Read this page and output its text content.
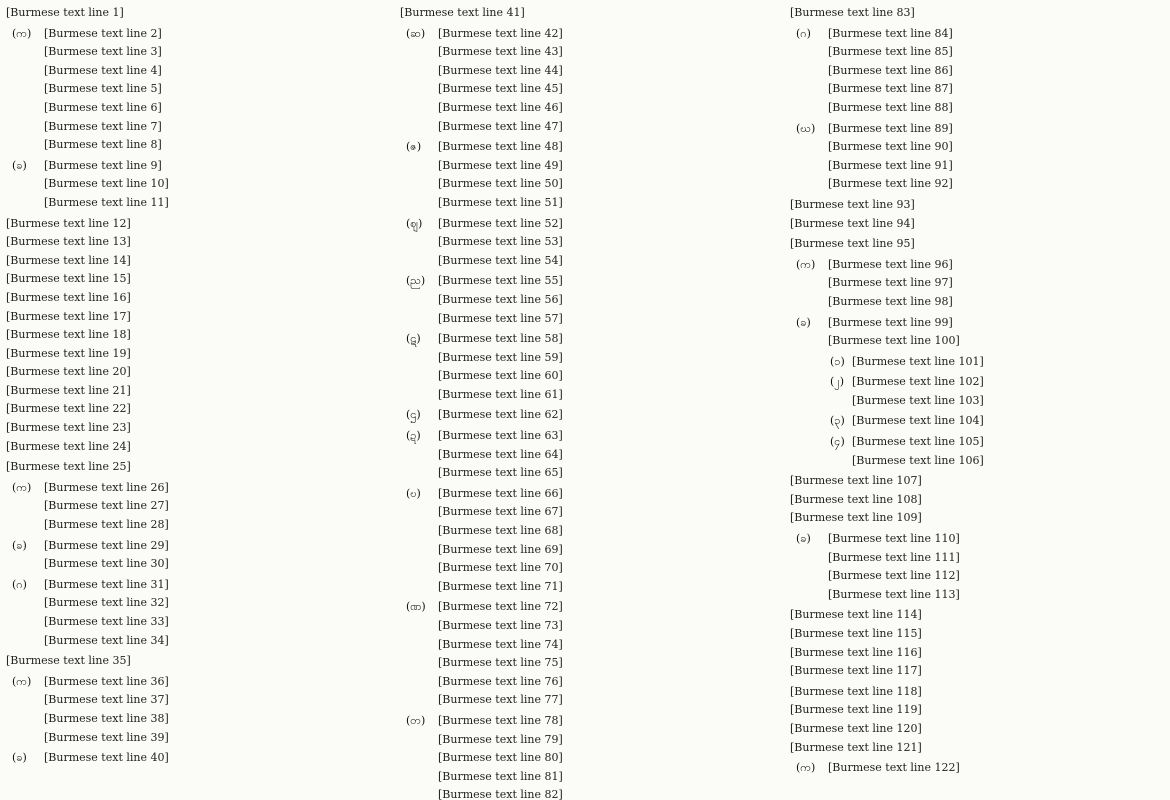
[Burmese text line 1]
(က)	[Burmese text line 2]
[Burmese text line 3]
[Burmese text line 4]
[Burmese text line 5]
[Burmese text line 6]
[Burmese text line 7]
[Burmese text line 8]
(ခ)	[Burmese text line 9]
[Burmese text line 10]
[Burmese text line 11]
[Burmese text line 12]
[Burmese text line 13]
[Burmese text line 14]
[Burmese text line 15]
[Burmese text line 16]
[Burmese text line 17]
[Burmese text line 18]
[Burmese text line 19]
[Burmese text line 20]
[Burmese text line 21]
[Burmese text line 22]
[Burmese text line 23]
[Burmese text line 24]
[Burmese text line 25]
(က)	[Burmese text line 26]
[Burmese text line 27]
[Burmese text line 28]
(ခ)	[Burmese text line 29]
[Burmese text line 30]
(ဂ)	[Burmese text line 31]
[Burmese text line 32]
[Burmese text line 33]
[Burmese text line 34]
[Burmese text line 35]
(က)	[Burmese text line 36]
[Burmese text line 37]
[Burmese text line 38]
[Burmese text line 39]
(ခ)	[Burmese text line 40]
[Burmese text line 41]
(ဆ)	[Burmese text line 42]
[Burmese text line 43]
[Burmese text line 44]
[Burmese text line 45]
[Burmese text line 46]
[Burmese text line 47]
(ဇ)	[Burmese text line 48]
[Burmese text line 49]
[Burmese text line 50]
[Burmese text line 51]
(ဈ)	[Burmese text line 52]
[Burmese text line 53]
[Burmese text line 54]
(ည)	[Burmese text line 55]
[Burmese text line 56]
[Burmese text line 57]
(ဋ)	[Burmese text line 58]
[Burmese text line 59]
[Burmese text line 60]
[Burmese text line 61]
(ဌ)	[Burmese text line 62]
(ဍ)	[Burmese text line 63]
[Burmese text line 64]
[Burmese text line 65]
(ဎ)	[Burmese text line 66]
[Burmese text line 67]
[Burmese text line 68]
[Burmese text line 69]
[Burmese text line 70]
[Burmese text line 71]
(ဏ)	[Burmese text line 72]
[Burmese text line 73]
[Burmese text line 74]
[Burmese text line 75]
[Burmese text line 76]
[Burmese text line 77]
(တ)	[Burmese text line 78]
[Burmese text line 79]
[Burmese text line 80]
[Burmese text line 81]
[Burmese text line 82]
[Burmese text line 83]
(ဂ)	[Burmese text line 84]
[Burmese text line 85]
[Burmese text line 86]
[Burmese text line 87]
[Burmese text line 88]
(ဃ)	[Burmese text line 89]
[Burmese text line 90]
[Burmese text line 91]
[Burmese text line 92]
[Burmese text line 93]
[Burmese text line 94]
[Burmese text line 95]
(က)	[Burmese text line 96]
[Burmese text line 97]
[Burmese text line 98]
(ခ)	[Burmese text line 99]
[Burmese text line 100]
(၁) [Burmese text line 101]
(၂) [Burmese text line 102]
[Burmese text line 103]
(၃) [Burmese text line 104]
(၄) [Burmese text line 105]
[Burmese text line 106]
[Burmese text line 107]
[Burmese text line 108]
[Burmese text line 109]
(ခ)	[Burmese text line 110]
[Burmese text line 111]
[Burmese text line 112]
[Burmese text line 113]
[Burmese text line 114]
[Burmese text line 115]
[Burmese text line 116]
[Burmese text line 117]
[Burmese text line 118]
[Burmese text line 119]
[Burmese text line 120]
[Burmese text line 121]
(က)	[Burmese text line 122]
